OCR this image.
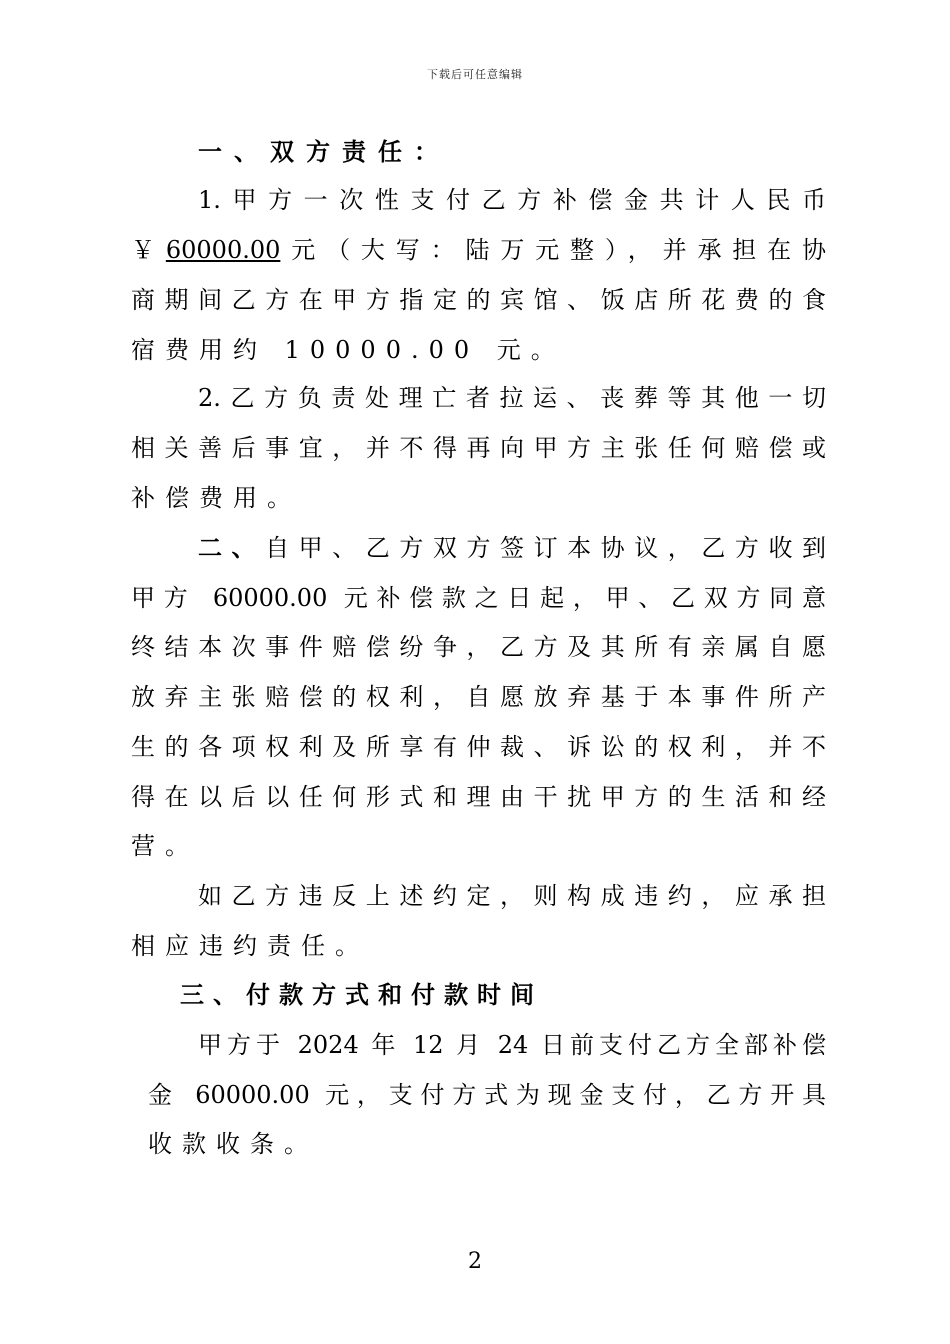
下载后可任意编辑
一、双方责任：
1.甲方一次性支付乙方补偿金共计人民币
￥60000.00元（大写：陆万元整），并承担在协
商期间乙方在甲方指定的宾馆、饭店所花费的食
宿费用约 10000.00 元。
2.乙方负责处理亡者拉运、丧葬等其他一切
相关善后事宜，并不得再向甲方主张任何赔偿或
补偿费用。
二、自甲、乙方双方签订本协议，乙方收到
甲方 60000.00 元补偿款之日起，甲、乙双方同意
终结本次事件赔偿纷争，乙方及其所有亲属自愿
放弃主张赔偿的权利，自愿放弃基于本事件所产
生的各项权利及所享有仲裁、诉讼的权利，并不
得在以后以任何形式和理由干扰甲方的生活和经
营。
如乙方违反上述约定，则构成违约，应承担
相应违约责任。
三、付款方式和付款时间
甲方于 2024 年 12 月 24 日前支付乙方全部补偿
金 60000.00 元，支付方式为现金支付，乙方开具
收款收条。
2
